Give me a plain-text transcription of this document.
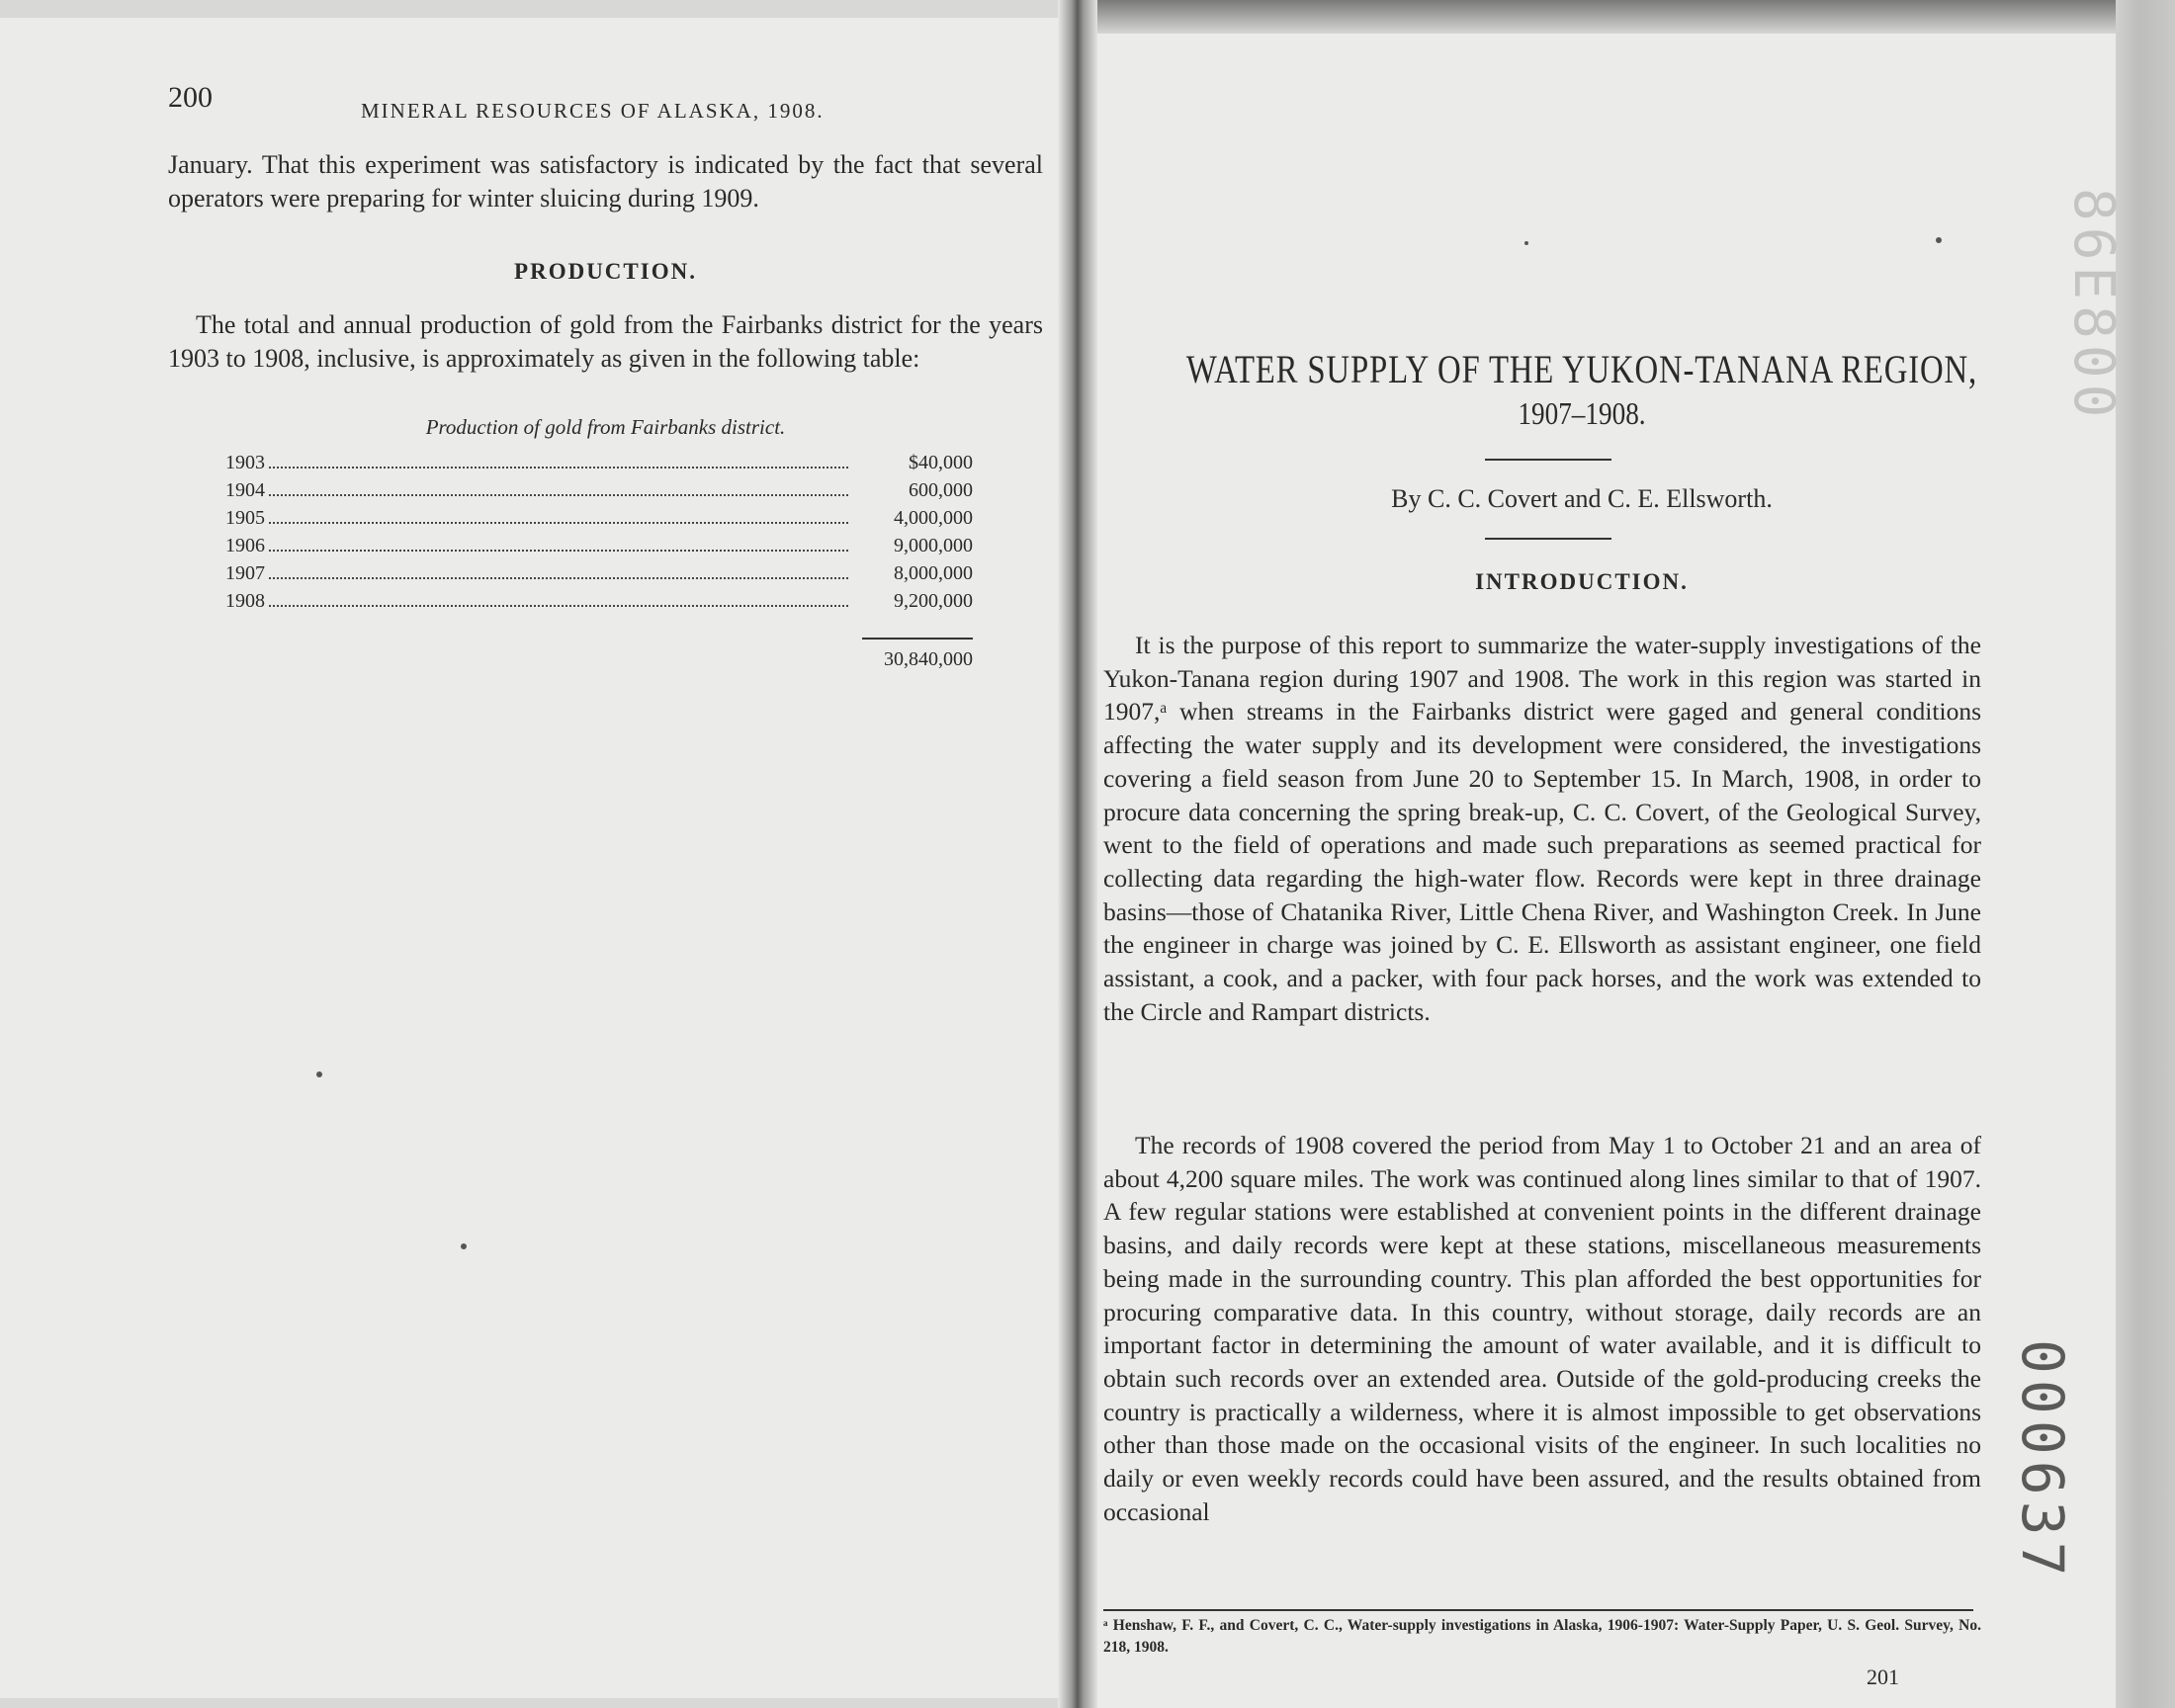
200	MINERAL RESOURCES OF ALASKA, 1908.
January. That this experiment was satisfactory is indicated by the fact that several operators were preparing for winter sluicing during 1909.
PRODUCTION.
The total and annual production of gold from the Fairbanks district for the years 1903 to 1908, inclusive, is approximately as given in the following table:
Production of gold from Fairbanks district.
1903	$40,000
1904	600,000
1905	4,000,000
1906	9,000,000
1907	8,000,000
1908	9,200,000
30,840,000
WATER SUPPLY OF THE YUKON-TANANA REGION,
1907–1908.
By C. C. Covert and C. E. Ellsworth.
INTRODUCTION.
It is the purpose of this report to summarize the water-supply investigations of the Yukon-Tanana region during 1907 and 1908. The work in this region was started in 1907,ᵃ when streams in the Fairbanks district were gaged and general conditions affecting the water supply and its development were considered, the investigations covering a field season from June 20 to September 15. In March, 1908, in order to procure data concerning the spring break-up, C. C. Covert, of the Geological Survey, went to the field of operations and made such preparations as seemed practical for collecting data regarding the high-water flow. Records were kept in three drainage basins—those of Chatanika River, Little Chena River, and Washington Creek. In June the engineer in charge was joined by C. E. Ellsworth as assistant engineer, one field assistant, a cook, and a packer, with four pack horses, and the work was extended to the Circle and Rampart districts.
The records of 1908 covered the period from May 1 to October 21 and an area of about 4,200 square miles. The work was continued along lines similar to that of 1907. A few regular stations were established at convenient points in the different drainage basins, and daily records were kept at these stations, miscellaneous measurements being made in the surrounding country. This plan afforded the best opportunities for procuring comparative data. In this country, without storage, daily records are an important factor in determining the amount of water available, and it is difficult to obtain such records over an extended area. Outside of the gold-producing creeks the country is practically a wilderness, where it is almost impossible to get observations other than those made on the occasional visits of the engineer. In such localities no daily or even weekly records could have been assured, and the results obtained from occasional
ᵃ Henshaw, F. F., and Covert, C. C., Water-supply investigations in Alaska, 1906-1907: Water-Supply Paper, U. S. Geol. Survey, No. 218, 1908.
201
000637
86E800
